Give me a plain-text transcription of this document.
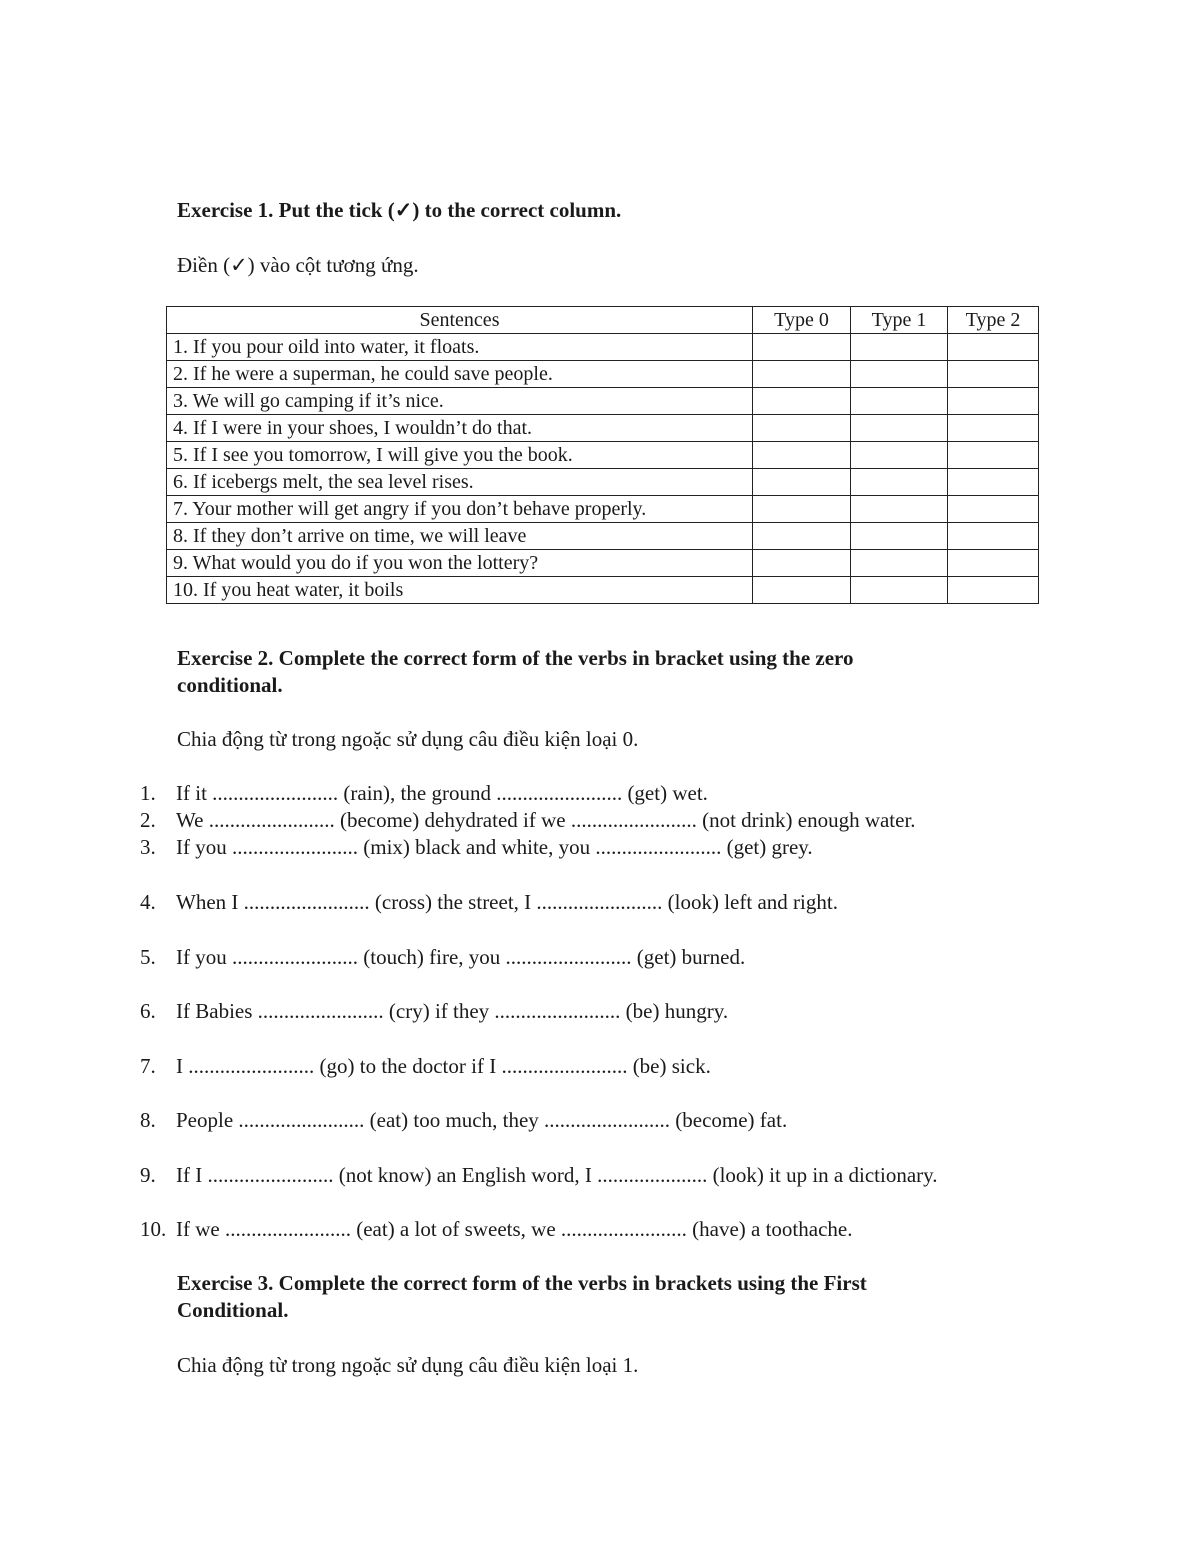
Exercise 1. Put the tick (✓) to the correct column.
Điền (✓) vào cột tương ứng.
Sentences	Type 0	Type 1	Type 2
1. If you pour oild into water, it floats.			
2. If he were a superman, he could save people.			
3. We will go camping if it’s nice.			
4. If I were in your shoes, I wouldn’t do that.			
5. If I see you tomorrow, I will give you the book.			
6. If icebergs melt, the sea level rises.			
7. Your mother will get angry if you don’t behave properly.			
8. If they don’t arrive on time, we will leave			
9. What would you do if you won the lottery?			
10. If you heat water, it boils			
Exercise 2. Complete the correct form of the verbs in bracket using the zero
conditional.
Chia động từ trong ngoặc sử dụng câu điều kiện loại 0.
1. If it ........................ (rain), the ground ........................ (get) wet.
2. We ........................ (become) dehydrated if we ........................ (not drink) enough water.
3. If you ........................ (mix) black and white, you ........................ (get) grey.
4. When I ........................ (cross) the street, I ........................ (look) left and right.
5. If you ........................ (touch) fire, you ........................ (get) burned.
6. If Babies ........................ (cry) if they ........................ (be) hungry.
7. I ........................ (go) to the doctor if I ........................ (be) sick.
8. People ........................ (eat) too much, they ........................ (become) fat.
9. If I ........................ (not know) an English word, I ..................... (look) it up in a dictionary.
10. If we ........................ (eat) a lot of sweets, we ........................ (have) a toothache.
Exercise 3. Complete the correct form of the verbs in brackets using the First
Conditional.
Chia động từ trong ngoặc sử dụng câu điều kiện loại 1.
